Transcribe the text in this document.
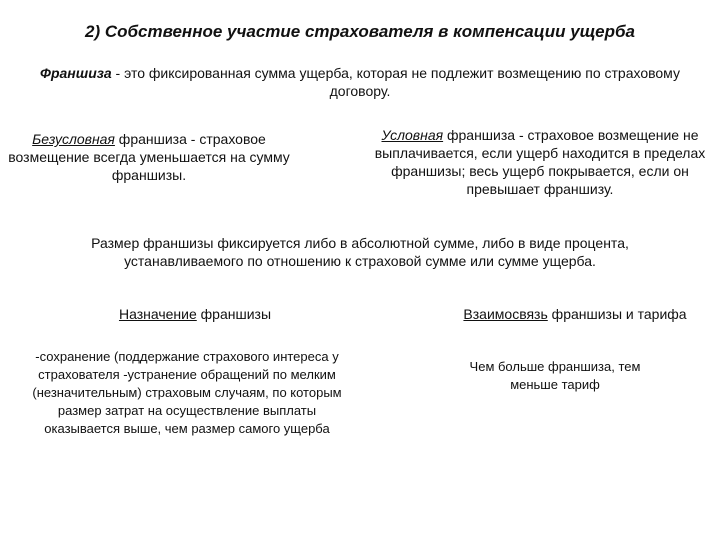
2) Собственное участие страхователя в компенсации ущерба
Франшиза - это фиксированная сумма ущерба, которая не подлежит возмещению по страховому договору.
Безусловная франшиза - страховое возмещение всегда уменьшается на сумму франшизы.
Условная франшиза - страховое возмещение не выплачивается, если ущерб находится в пределах франшизы; весь ущерб покрывается, если он превышает франшизу.
Размер франшизы фиксируется либо в абсолютной сумме, либо в виде процента, устанавливаемого по отношению к страховой сумме или сумме ущерба.
Назначение франшизы
-сохранение (поддержание страхового интереса у страхователя -устранение обращений по мелким (незначительным) страховым случаям, по которым размер затрат на осуществление выплаты оказывается выше, чем размер самого ущерба
Взаимосвязь франшизы и тарифа
Чем больше франшиза, тем меньше тариф
